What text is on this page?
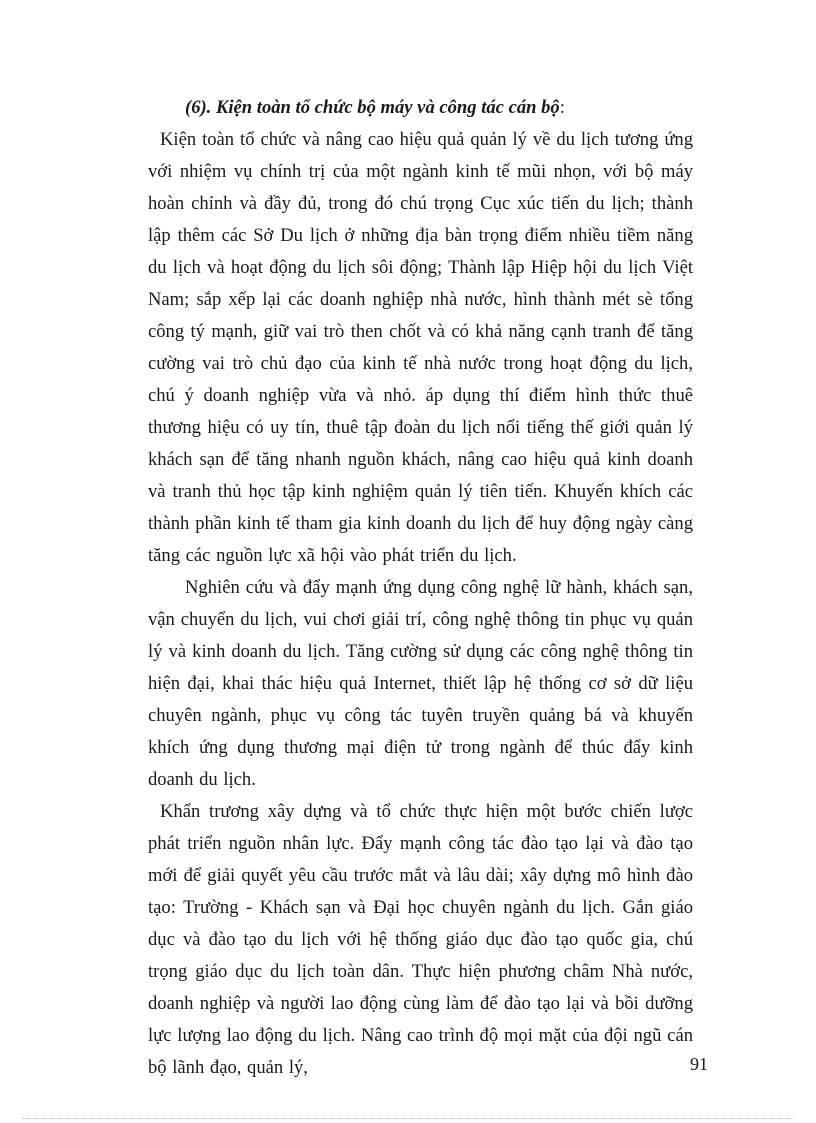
(6). Kiện toàn tổ chức bộ máy và công tác cán bộ:

Kiện toàn tổ chức và nâng cao hiệu quả quản lý về du lịch tương ứng với nhiệm vụ chính trị của một ngành kinh tế mũi nhọn, với bộ máy hoàn chỉnh và đầy đủ, trong đó chú trọng Cục xúc tiến du lịch; thành lập thêm các Sở Du lịch ở những địa bàn trọng điểm nhiều tiềm năng du lịch và hoạt động du lịch sôi động; Thành lập Hiệp hội du lịch Việt Nam; sắp xếp lại các doanh nghiệp nhà nước, hình thành mét sè tổng công tý mạnh, giữ vai trò then chốt và có khả năng cạnh tranh để tăng cường vai trò chủ đạo của kinh tế nhà nước trong hoạt động du lịch, chú ý doanh nghiệp vừa và nhỏ. áp dụng thí điểm hình thức thuê thương hiệu có uy tín, thuê tập đoàn du lịch nổi tiếng thế giới quản lý khách sạn để tăng nhanh nguồn khách, nâng cao hiệu quả kinh doanh và tranh thủ học tập kinh nghiệm quản lý tiên tiến. Khuyến khích các thành phần kinh tế tham gia kinh doanh du lịch để huy động ngày càng tăng các nguồn lực xã hội vào phát triển du lịch.

Nghiên cứu và đẩy mạnh ứng dụng công nghệ lữ hành, khách sạn, vận chuyển du lịch, vui chơi giải trí, công nghệ thông tin phục vụ quản lý và kinh doanh du lịch. Tăng cường sử dụng các công nghệ thông tin hiện đại, khai thác hiệu quả Internet, thiết lập hệ thống cơ sở dữ liệu chuyên ngành, phục vụ công tác tuyên truyền quảng bá và khuyến khích ứng dụng thương mại điện tử trong ngành để thúc đẩy kinh doanh du lịch.

Khẩn trương xây dựng và tổ chức thực hiện một bước chiến lược phát triển nguồn nhân lực. Đẩy mạnh công tác đào tạo lại và đào tạo mới để giải quyết yêu cầu trước mắt và lâu dài; xây dựng mô hình đào tạo: Trường - Khách sạn và Đại học chuyên ngành du lịch. Gắn giáo dục và đào tạo du lịch với hệ thống giáo dục đào tạo quốc gia, chú trọng giáo dục du lịch toàn dân. Thực hiện phương châm Nhà nước, doanh nghiệp và người lao động cùng làm để đào tạo lại và bồi dưỡng lực lượng lao động du lịch. Nâng cao trình độ mọi mặt của đội ngũ cán bộ lãnh đạo, quản lý,	91
